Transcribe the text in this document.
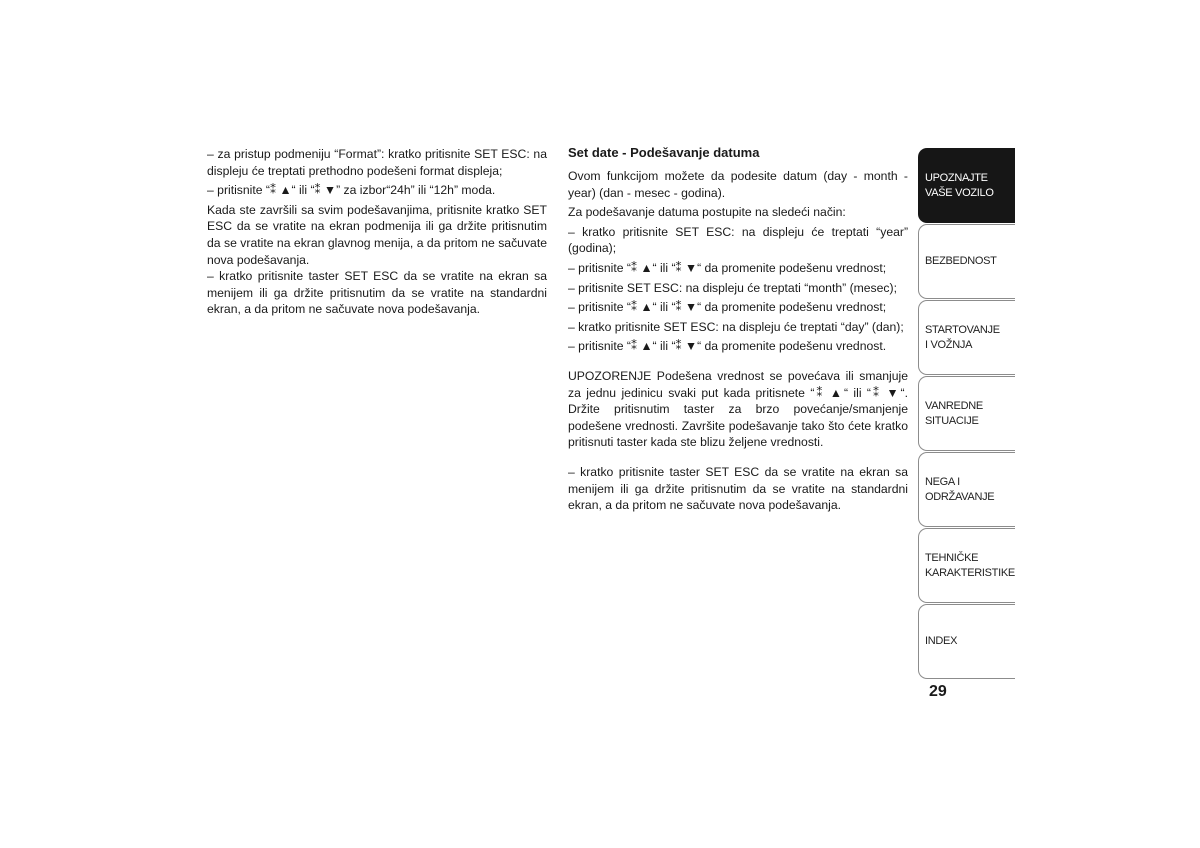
– za pristup podmeniju “Format”: kratko pritisnite SET ESC: na displeju će treptati prethodno podešeni format displeja;

– pritisnite “⁑ ▲“ ili “⁑ ▼” za izbor“24h” ili “12h” moda.

Kada ste završili sa svim podešavanjima, pritisnite kratko SET ESC da se vratite na ekran podmenija ili ga držite pritisnutim da se vratite na ekran glavnog menija, a da pritom ne sačuvate nova podešavanja.

– kratko pritisnite taster SET ESC da se vratite na ekran sa menijem ili ga držite pritisnutim da se vratite na standardni ekran, a da pritom ne sačuvate nova podešavanja.

Set date - Podešavanje datuma

Ovom funkcijom možete da podesite datum (day - month - year) (dan - mesec - godina).

Za podešavanje datuma postupite na sledeći način:

– kratko pritisnite SET ESC: na displeju će treptati “year” (godina);

– pritisnite “⁑ ▲“ ili “⁑ ▼“ da promenite podešenu vrednost;

– pritisnite SET ESC: na displeju će treptati “month” (mesec);

– pritisnite “⁑ ▲“ ili “⁑ ▼“ da promenite podešenu vrednost;

– kratko pritisnite SET ESC: na displeju će treptati “day” (dan);

– pritisnite “⁑ ▲“ ili “⁑ ▼“ da promenite podešenu vrednost.

UPOZORENJE Podešena vrednost se povećava ili smanjuje za jednu jedinicu svaki put kada pritisnete “⁑ ▲“ ili “⁑ ▼“. Držite pritisnutim taster za brzo povećanje/smanjenje podešene vrednosti. Završite podešavanje tako što ćete kratko pritisnuti taster kada ste blizu željene vrednosti.

– kratko pritisnite taster SET ESC da se vratite na ekran sa menijem ili ga držite pritisnutim da se vratite na standardni ekran, a da pritom ne sačuvate nova podešavanja.

UPOZNAJTE
VAŠE VOZILO
BEZBEDNOST
STARTOVANJE
I VOŽNJA
VANREDNE
SITUACIJE
NEGA I
ODRŽAVANJE
TEHNIČKE
KARAKTERISTIKE
INDEX
29
